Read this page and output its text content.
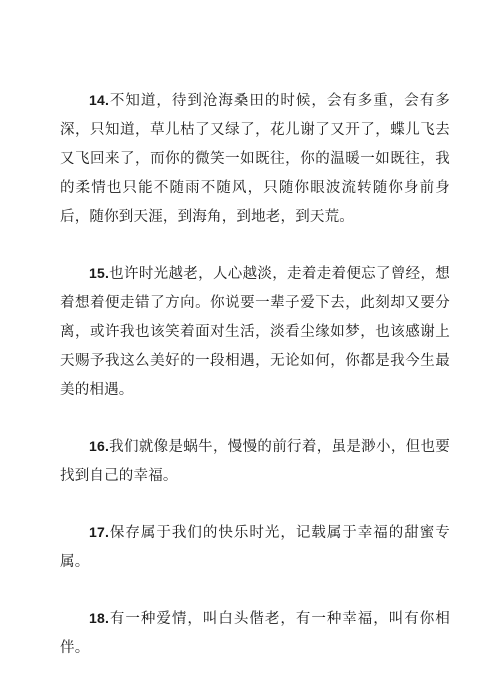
14.不知道，待到沧海桑田的时候，会有多重，会有多深，只知道，草儿枯了又绿了，花儿谢了又开了，蝶儿飞去又飞回来了，而你的微笑一如既往，你的温暖一如既往，我的柔情也只能不随雨不随风，只随你眼波流转随你身前身后，随你到天涯，到海角，到地老，到天荒。

15.也许时光越老，人心越淡，走着走着便忘了曾经，想着想着便走错了方向。你说要一辈子爱下去，此刻却又要分离，或许我也该笑着面对生活，淡看尘缘如梦，也该感谢上天赐予我这么美好的一段相遇，无论如何，你都是我今生最美的相遇。

16.我们就像是蜗牛，慢慢的前行着，虽是渺小，但也要找到自己的幸福。

17.保存属于我们的快乐时光，记载属于幸福的甜蜜专属。

18.有一种爱情，叫白头偕老，有一种幸福，叫有你相伴。
